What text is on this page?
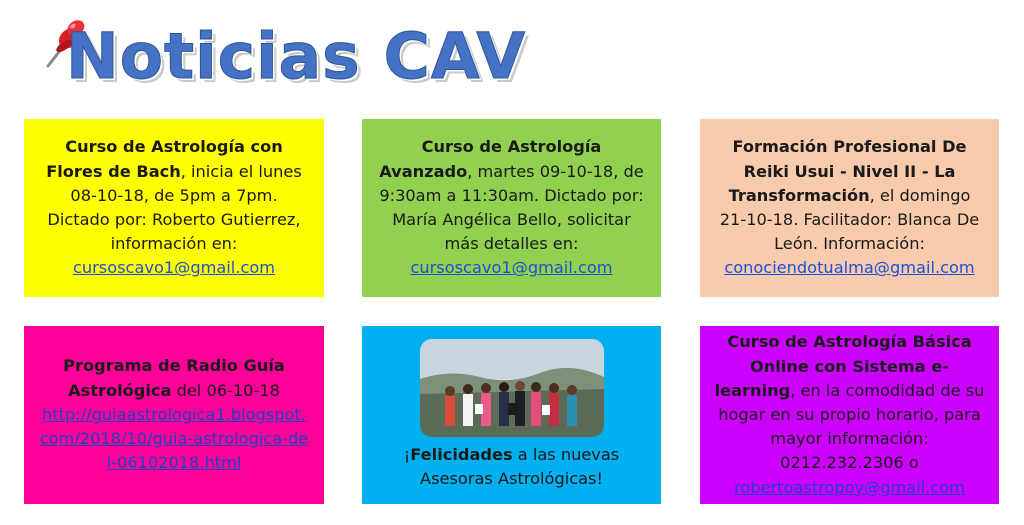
Noticias CAV

Curso de Astrología con Flores de Bach, inicia el lunes 08-10-18, de 5pm a 7pm. Dictado por: Roberto Gutierrez, información en:

cursoscavo1@gmail.com

Curso de Astrología Avanzado, martes 09-10-18, de 9:30am a 11:30am. Dictado por: María Angélica Bello, solicitar más detalles en:

cursoscavo1@gmail.com

Formación Profesional De Reiki Usui - Nivel II - La Transformación, el domingo 21-10-18. Facilitador: Blanca De León. Información:

conociendotualma@gmail.com

Programa de Radio Guía Astrológica del 06-10-18

http://guiaastrologica1.blogspot.com/2018/10/guia-astrologica-del-06102018.html	¡Felicidades a las nuevas Asesoras Astrológicas!

Curso de Astrología Básica Online con Sistema e-learning, en la comodidad de su hogar en su propio horario, para mayor información:

0212.232.2306 o

robertoastropoy@gmail.com
